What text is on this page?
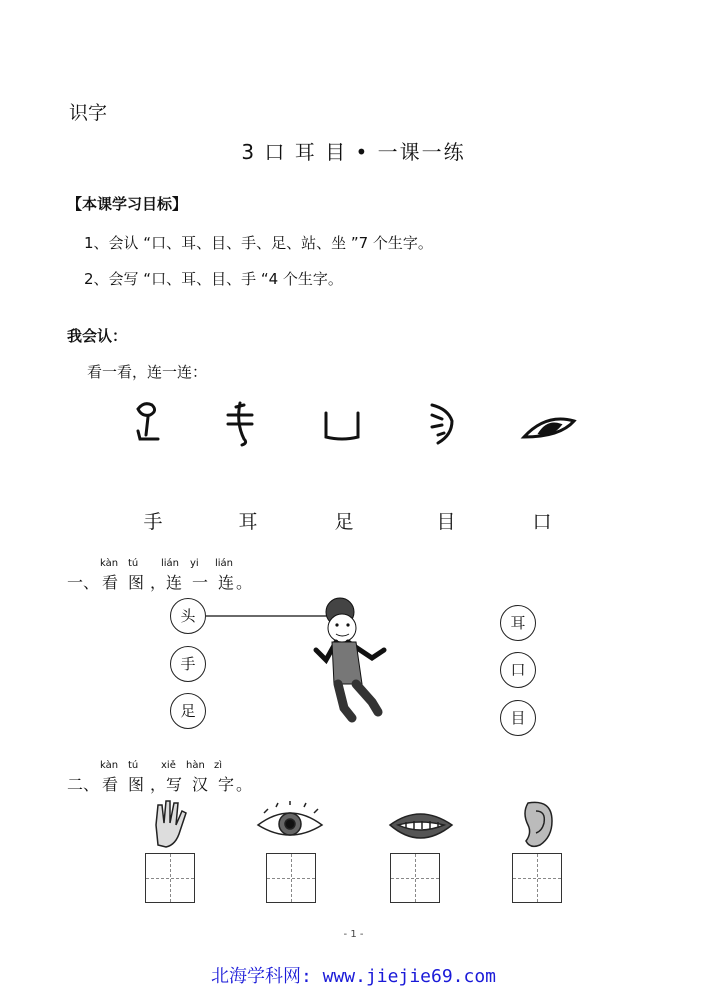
识字
3 口 耳 目 • 一课一练
【本课学习目标】
1、会认 “口、耳、目、手、足、站、坐 ”7 个生字。
2、会写 “口、耳、目、手 “4 个生字。
我会认：
看一看，连一连：
手	耳	足	目	口
kàn tú lián yi lián
一、 看 图 ， 连 一 连 。
头
手
足
耳
口
目
kàn tú xiě hàn zì
二、 看 图 ， 写 汉 字 。
- 1 -
北海学科网: www.jiejie69.com
